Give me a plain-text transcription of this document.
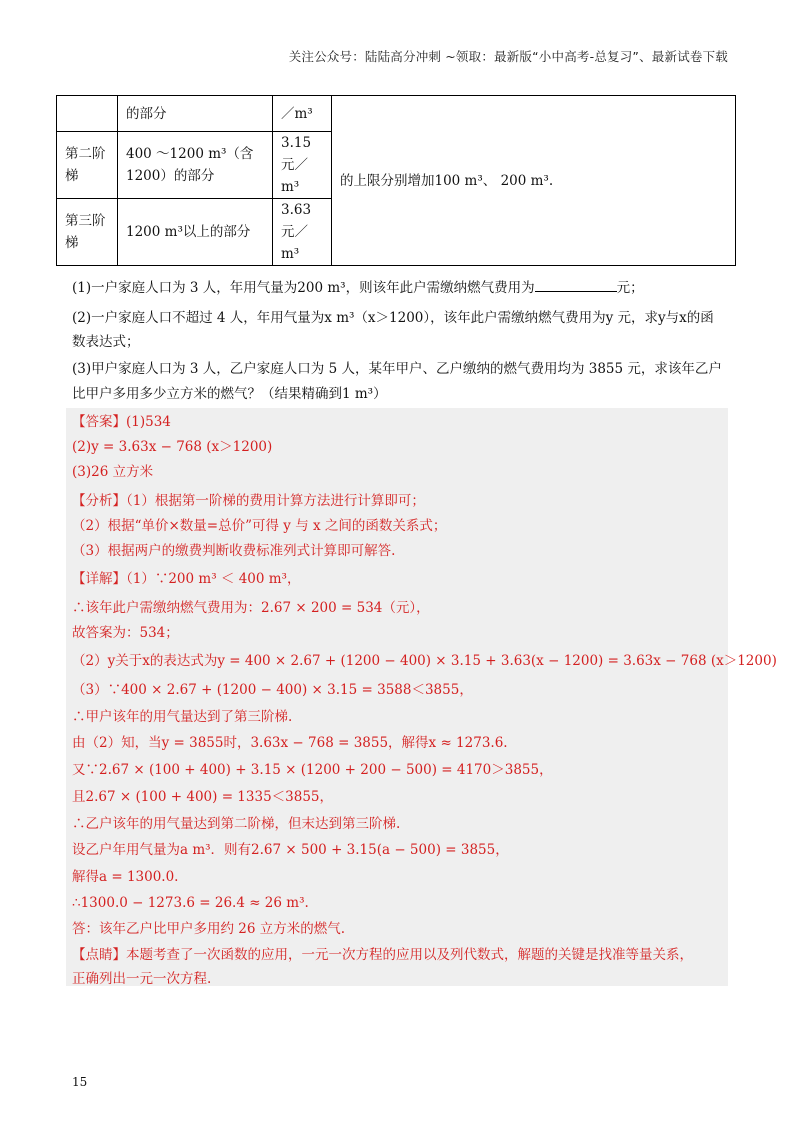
关注公众号：陆陆高分冲刺 ~领取：最新版“小中高考-总复习”、最新试卷下载
	的部分	／m³	的上限分别增加100 m³、 200 m³.
第二阶梯	400 ～1200 m³（含1200）的部分	3.15 元／m³	
第三阶梯	1200 m³以上的部分	3.63 元／m³	
(1)一户家庭人口为 3 人，年用气量为200 m³，则该年此户需缴纳燃气费用为	元；
(2)一户家庭人口不超过 4 人，年用气量为x m³（x＞1200），该年此户需缴纳燃气费用为y 元，求y与x的函
数表达式；
(3)甲户家庭人口为 3 人，乙户家庭人口为 5 人，某年甲户、乙户缴纳的燃气费用均为 3855 元，求该年乙户
比甲户多用多少立方米的燃气？（结果精确到1 m³）
【答案】(1)534
(2)y = 3.63x − 768 (x＞1200)
(3)26 立方米
【分析】（1）根据第一阶梯的费用计算方法进行计算即可；
（2）根据“单价×数量=总价”可得 y 与 x 之间的函数关系式；
（3）根据两户的缴费判断收费标准列式计算即可解答.
【详解】（1）∵200 m³ ＜ 400 m³，
∴该年此户需缴纳燃气费用为：2.67 × 200 = 534（元），
故答案为：534；
（2）y关于x的表达式为y = 400 × 2.67 + (1200 − 400) × 3.15 + 3.63(x − 1200) = 3.63x − 768 (x＞1200)
（3）∵400 × 2.67 + (1200 − 400) × 3.15 = 3588＜3855，
∴甲户该年的用气量达到了第三阶梯.
由（2）知，当y = 3855时，3.63x − 768 = 3855，解得x ≈ 1273.6.
又∵2.67 × (100 + 400) + 3.15 × (1200 + 200 − 500) = 4170＞3855，
且2.67 × (100 + 400) = 1335＜3855，
∴乙户该年的用气量达到第二阶梯，但末达到第三阶梯.
设乙户年用气量为a m³．则有2.67 × 500 + 3.15(a − 500) = 3855，
解得a = 1300.0.
∴1300.0 − 1273.6 = 26.4 ≈ 26 m³.
答：该年乙户比甲户多用约 26 立方米的燃气.
【点睛】本题考查了一次函数的应用，一元一次方程的应用以及列代数式，解题的关键是找准等量关系，
正确列出一元一次方程.
15
